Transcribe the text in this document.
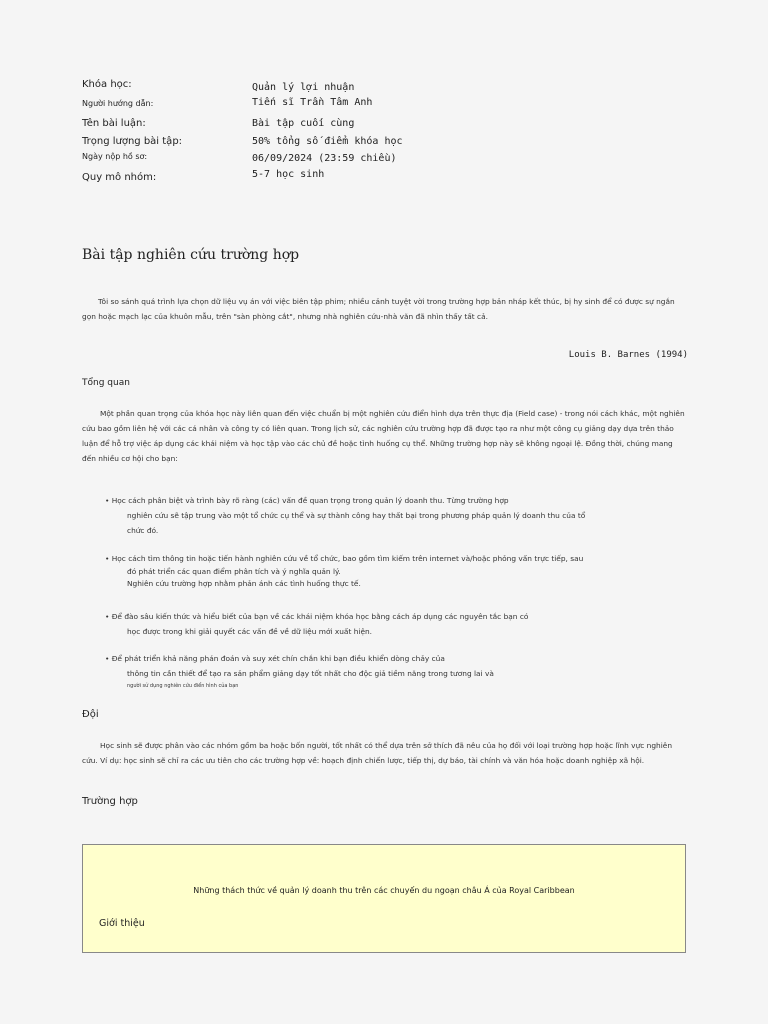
Khóa học:	Quản lý lợi nhuận
Người hướng dẫn:	Tiến sĩ Trần Tâm Anh
Tên bài luận:	Bài tập cuối cùng
Trọng lượng bài tập:	50% tổng số điểm khóa học
Ngày nộp hồ sơ:	06/09/2024 (23:59 chiều)
Quy mô nhóm:	5-7 học sinh
Bài tập nghiên cứu trường hợp

Tôi so sánh quá trình lựa chọn dữ liệu vụ án với việc biên tập phim; nhiều cảnh tuyệt vời trong trường hợp bản nháp kết thúc, bị hy sinh để có được sự ngắn gọn hoặc mạch lạc của khuôn mẫu, trên "sàn phòng cắt", nhưng nhà nghiên cứu-nhà văn đã nhìn thấy tất cả.

Louis B. Barnes (1994)
Tổng quan

Một phần quan trọng của khóa học này liên quan đến việc chuẩn bị một nghiên cứu điển hình dựa trên thực địa (Field case) - trong nói cách khác, một nghiên cứu bao gồm liên hệ với các cá nhân và công ty có liên quan. Trong lịch sử, các nghiên cứu trường hợp đã được tạo ra như một công cụ giảng dạy dựa trên thảo luận để hỗ trợ việc áp dụng các khái niệm và học tập vào các chủ đề hoặc tình huống cụ thể. Những trường hợp này sẽ không ngoại lệ. Đồng thời, chúng mang đến nhiều cơ hội cho bạn:

• Học cách phân biệt và trình bày rõ ràng (các) vấn đề quan trọng trong quản lý doanh thu. Từng trường hợp
nghiên cứu sẽ tập trung vào một tổ chức cụ thể và sự thành công hay thất bại trong phương pháp quản lý doanh thu của tổ
chức đó.
• Học cách tìm thông tin hoặc tiến hành nghiên cứu về tổ chức, bao gồm tìm kiếm trên internet và/hoặc phỏng vấn trực tiếp, sau
đó phát triển các quan điểm phân tích và ý nghĩa quản lý.
Nghiên cứu trường hợp nhằm phản ánh các tình huống thực tế.
• Để đào sâu kiến thức và hiểu biết của bạn về các khái niệm khóa học bằng cách áp dụng các nguyên tắc bạn có
học được trong khi giải quyết các vấn đề về dữ liệu mới xuất hiện.
• Để phát triển khả năng phán đoán và suy xét chín chắn khi bạn điều khiển dòng chảy của
thông tin cần thiết để tạo ra sản phẩm giảng dạy tốt nhất cho độc giả tiềm năng trong tương lai và
người sử dụng nghiên cứu điển hình của bạn
Đội

Học sinh sẽ được phân vào các nhóm gồm ba hoặc bốn người, tốt nhất có thể dựa trên sở thích đã nêu của họ đối với loại trường hợp hoặc lĩnh vực nghiên cứu. Ví dụ: học sinh sẽ chỉ ra các ưu tiên cho các trường hợp về: hoạch định chiến lược, tiếp thị, dự báo, tài chính và văn hóa hoặc doanh nghiệp xã hội.

Trường hợp
Những thách thức về quản lý doanh thu trên các chuyến du ngoạn châu Á của Royal Caribbean
Giới thiệu
